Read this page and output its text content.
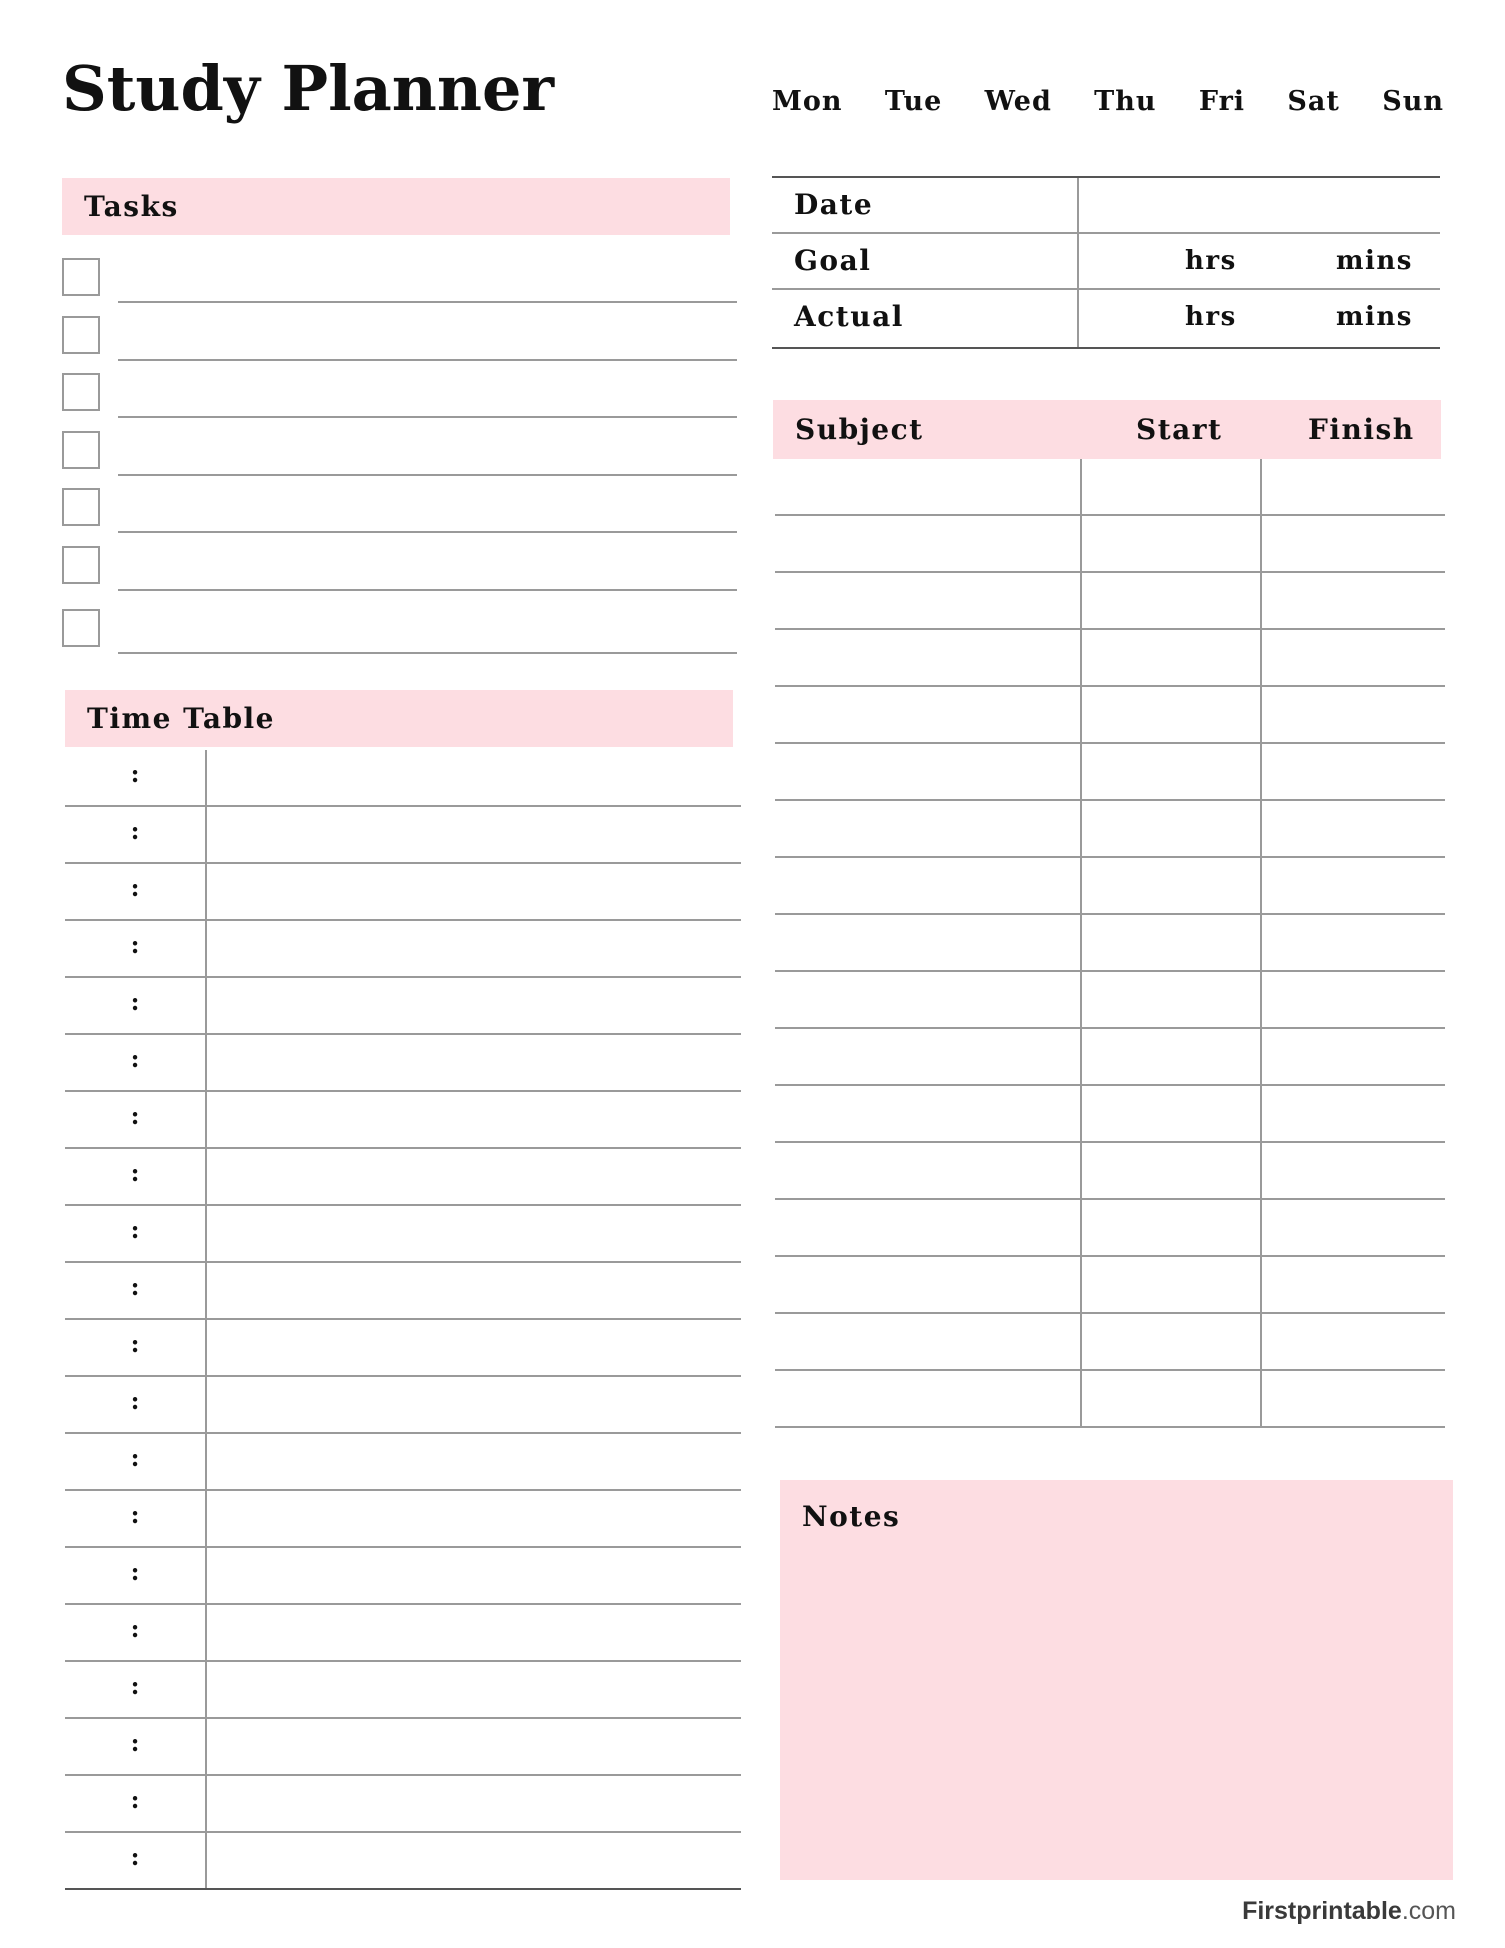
Study Planner	Mon Tue Wed Thu Fri Sat Sun
Tasks
Time Table
:
:
:
:
:
:
:
:
:
:
:
:
:
:
:
:
:
:
:
:
Date
Goal	hrs	mins
Actual	hrs	mins
Subject	Start	Finish
Notes
Firstprintable.com
